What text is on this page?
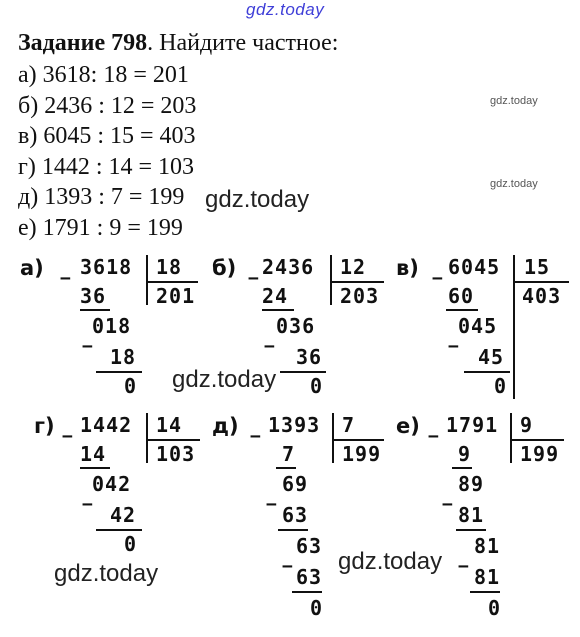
gdz.today
gdz.today
gdz.today
gdz.today
gdz.today
gdz.today
gdz.today
Задание 798. Найдите частное:
а) 3618: 18 = 201
б) 2436 : 12 = 203
в) 6045 : 15 = 403
г) 1442 : 14 = 103
д) 1393 : 7 = 199
е) 1791 : 9 = 199
а) − 3618 18
201
36
018
− 18
0
б) − 2436 12
203
24
036
− 36
0
в) − 6045 15
403
60
045
− 45
0
г) − 1442 14
103
14
042
− 42
0
д) − 1393 7
199
7
69
− 63
63
− 63
0
е) − 1791 9
199
9
89
− 81
81
− 81
0
